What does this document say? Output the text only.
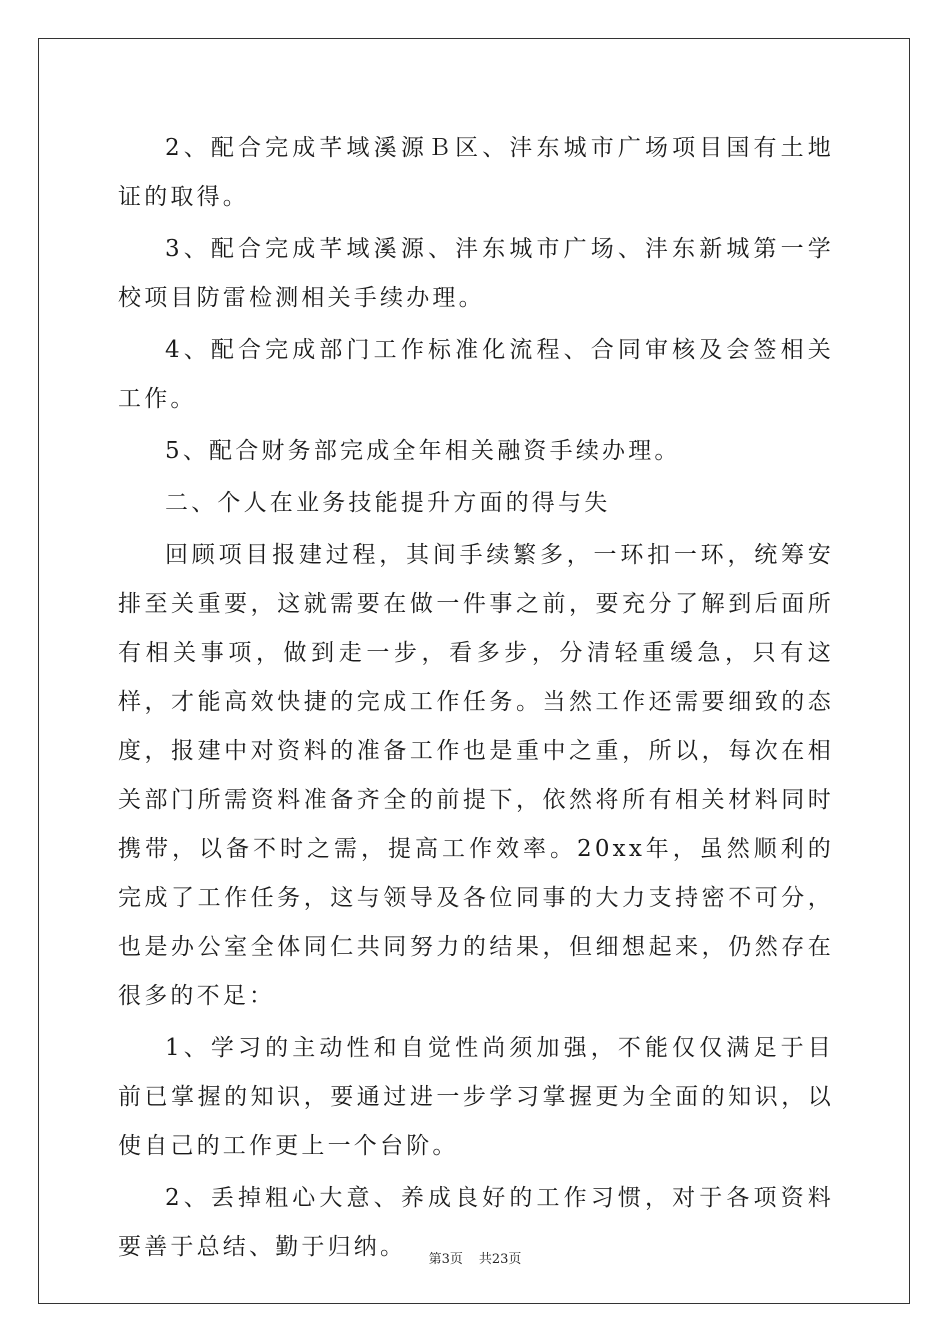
2、配合完成芊域溪源Ｂ区、沣东城市广场项目国有土地证的取得。

3、配合完成芊域溪源、沣东城市广场、沣东新城第一学校项目防雷检测相关手续办理。

4、配合完成部门工作标准化流程、合同审核及会签相关工作。

5、配合财务部完成全年相关融资手续办理。

二、个人在业务技能提升方面的得与失

回顾项目报建过程，其间手续繁多，一环扣一环，统筹安排至关重要，这就需要在做一件事之前，要充分了解到后面所有相关事项，做到走一步，看多步，分清轻重缓急，只有这样，才能高效快捷的完成工作任务。当然工作还需要细致的态度，报建中对资料的准备工作也是重中之重，所以，每次在相关部门所需资料准备齐全的前提下，依然将所有相关材料同时携带，以备不时之需，提高工作效率。20xx年，虽然顺利的完成了工作任务，这与领导及各位同事的大力支持密不可分，也是办公室全体同仁共同努力的结果，但细想起来，仍然存在很多的不足：

1、学习的主动性和自觉性尚须加强，不能仅仅满足于目前已掌握的知识，要通过进一步学习掌握更为全面的知识，以使自己的工作更上一个台阶。

2、丢掉粗心大意、养成良好的工作习惯，对于各项资料要善于总结、勤于归纳。	第3页 共23页
